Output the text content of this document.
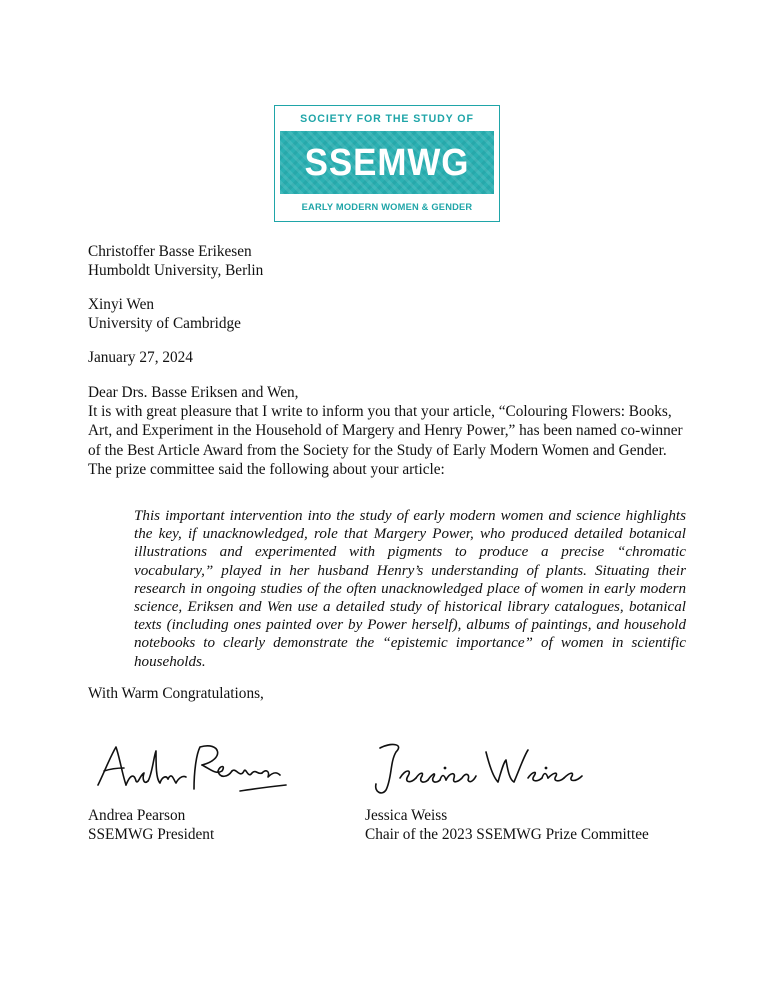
SOCIETY FOR THE STUDY OF
SSEMWG
EARLY MODERN WOMEN & GENDER
Christoffer Basse Erikesen
Humboldt University, Berlin
Xinyi Wen
University of Cambridge
January 27, 2024
Dear Drs. Basse Eriksen and Wen,
It is with great pleasure that I write to inform you that your article, “Colouring Flowers: Books, Art, and Experiment in the Household of Margery and Henry Power,” has been named co-winner of the Best Article Award from the Society for the Study of Early Modern Women and Gender. The prize committee said the following about your article:
This important intervention into the study of early modern women and science highlights the key, if unacknowledged, role that Margery Power, who produced detailed botanical illustrations and experimented with pigments to produce a precise “chromatic vocabulary,” played in her husband Henry’s understanding of plants. Situating their research in ongoing studies of the often unacknowledged place of women in early modern science, Eriksen and Wen use a detailed study of historical library catalogues, botanical texts (including ones painted over by Power herself), albums of paintings, and household notebooks to clearly demonstrate the “epistemic importance” of women in scientific households.
With Warm Congratulations,
Andrea Pearson
SSEMWG President
Jessica Weiss
Chair of the 2023 SSEMWG Prize Committee
